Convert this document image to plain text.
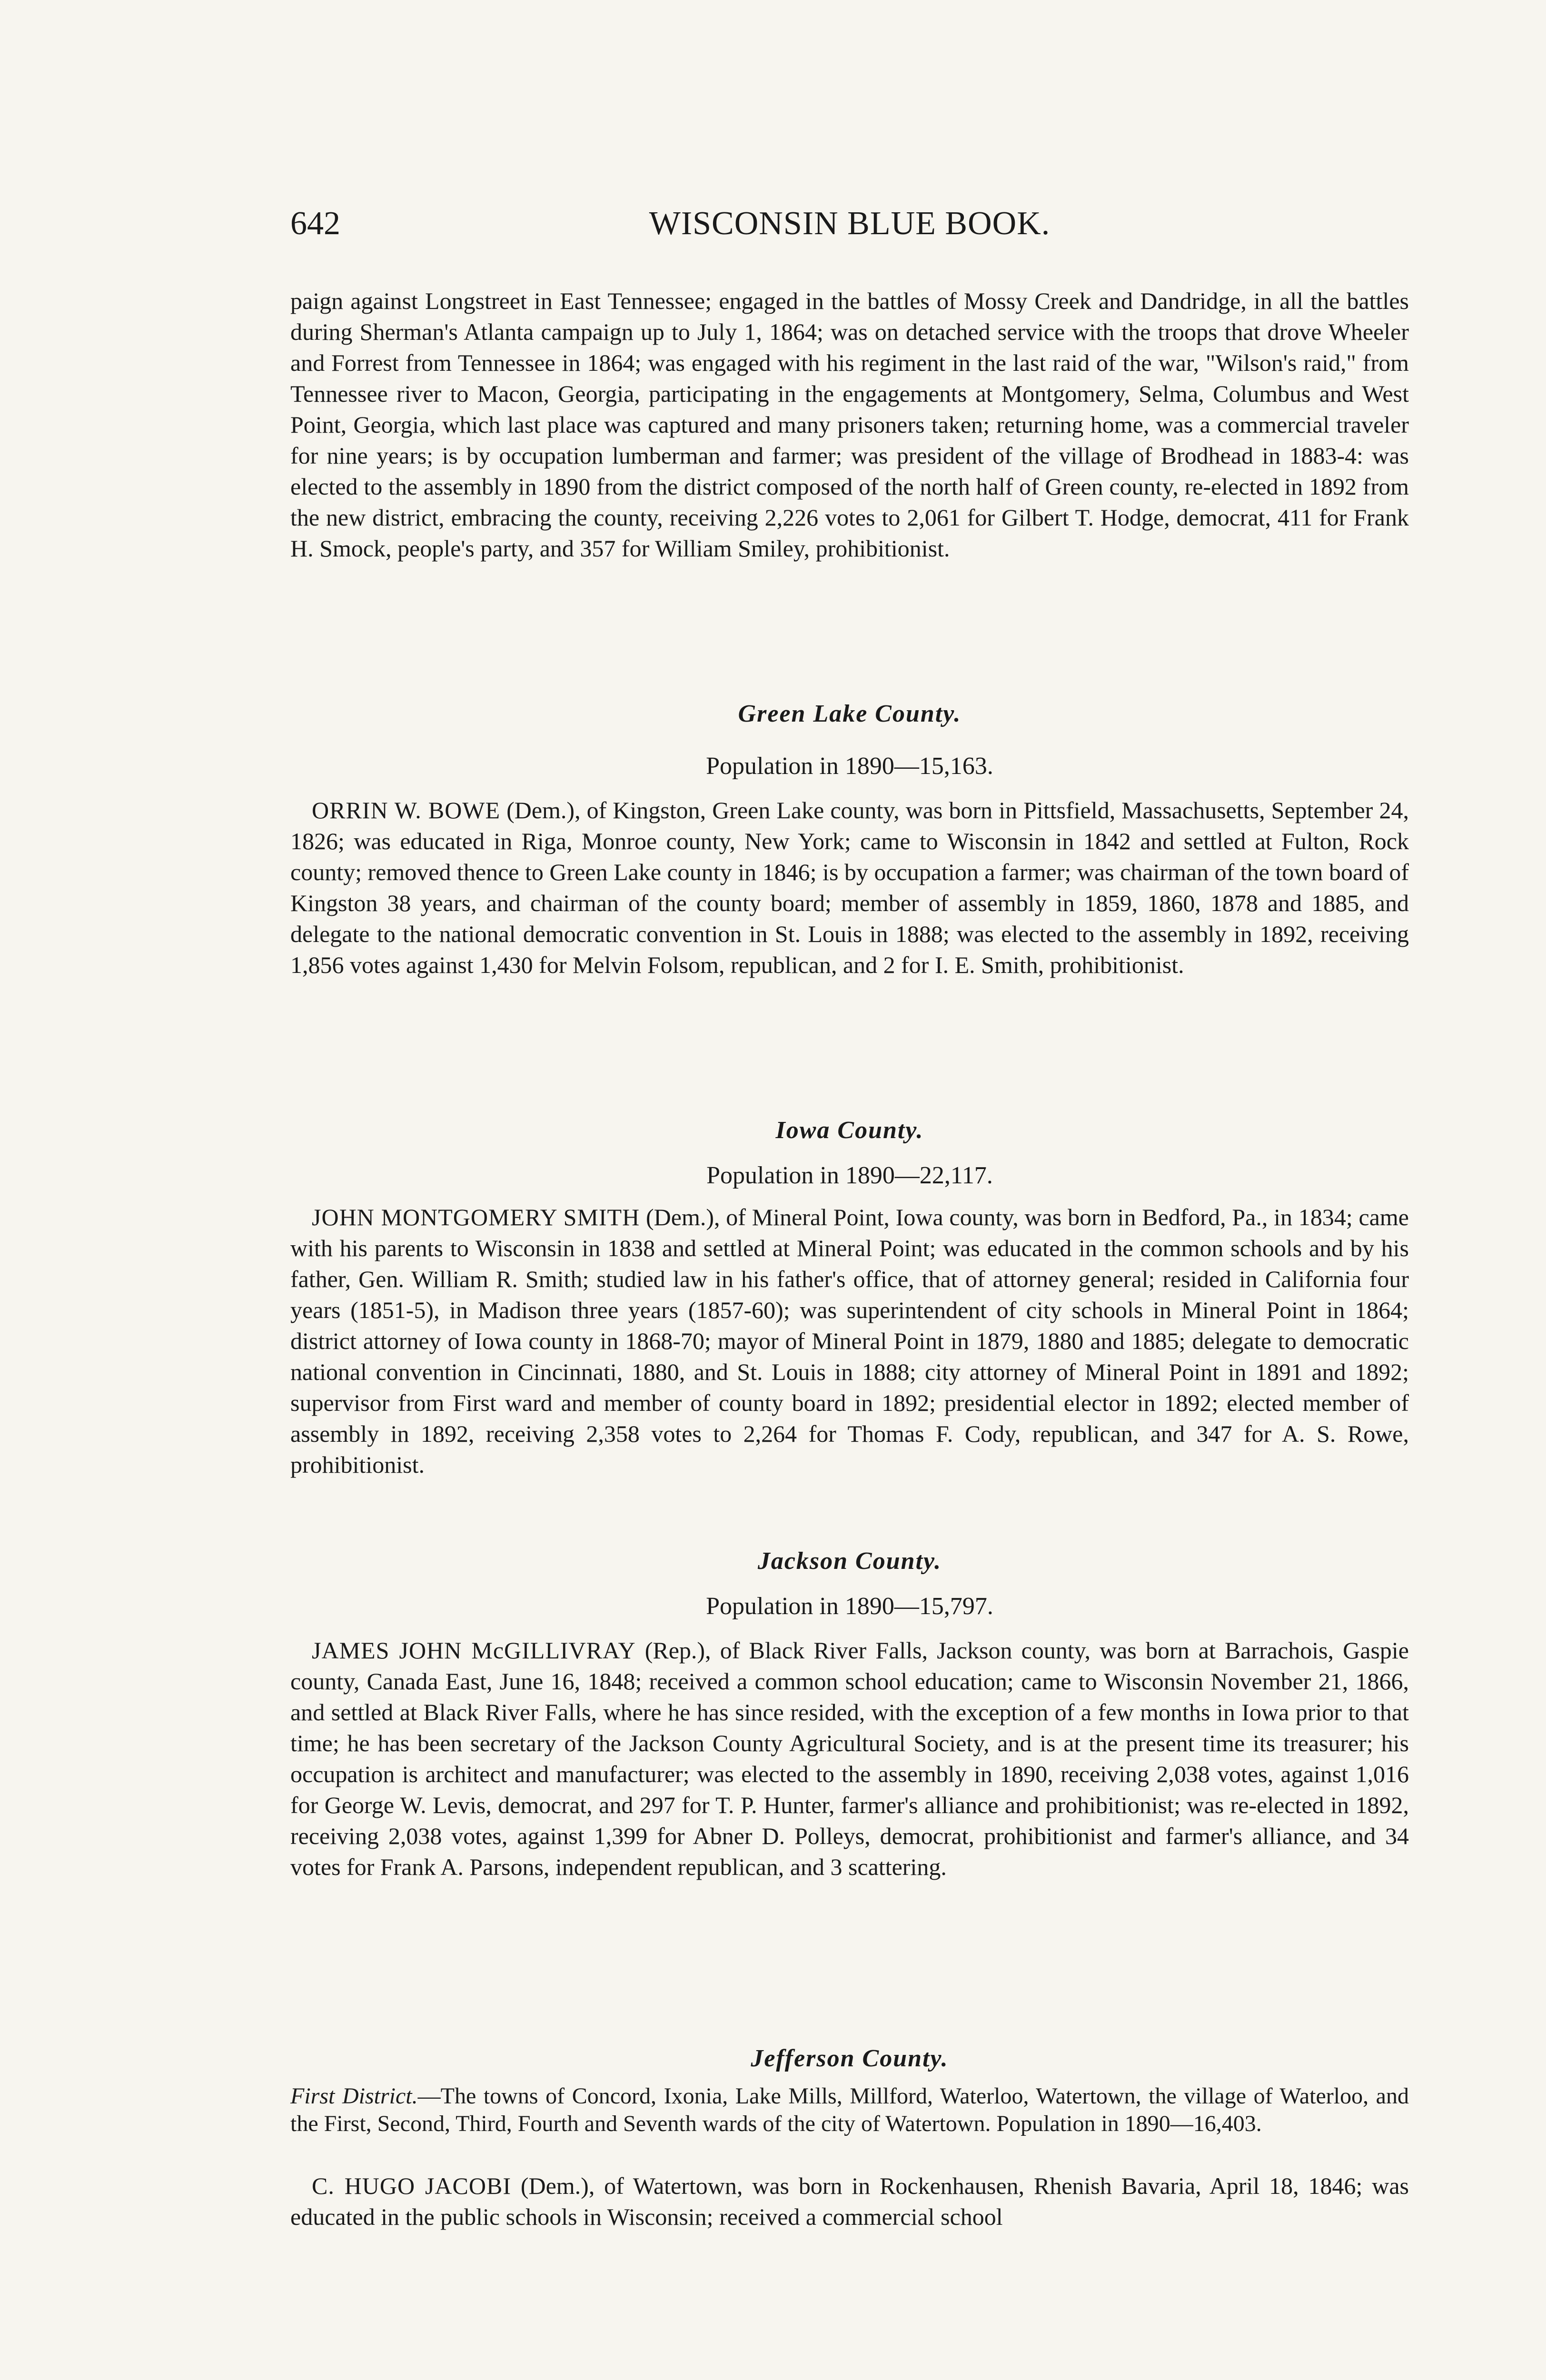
642	WISCONSIN BLUE BOOK.

paign against Longstreet in East Tennessee; engaged in the battles of Mossy Creek and Dandridge, in all the battles during Sherman's Atlanta campaign up to July 1, 1864; was on detached service with the troops that drove Wheeler and Forrest from Tennessee in 1864; was engaged with his regiment in the last raid of the war, "Wilson's raid," from Tennessee river to Macon, Georgia, participating in the engagements at Montgomery, Selma, Columbus and West Point, Georgia, which last place was captured and many prisoners taken; returning home, was a commercial traveler for nine years; is by occupation lumberman and farmer; was president of the village of Brodhead in 1883-4: was elected to the assembly in 1890 from the district composed of the north half of Green county, re-elected in 1892 from the new district, embracing the county, receiving 2,226 votes to 2,061 for Gilbert T. Hodge, democrat, 411 for Frank H. Smock, people's party, and 357 for William Smiley, prohibitionist.

Green Lake County.
Population in 1890—15,163.

ORRIN W. BOWE (Dem.), of Kingston, Green Lake county, was born in Pittsfield, Massachusetts, September 24, 1826; was educated in Riga, Monroe county, New York; came to Wisconsin in 1842 and settled at Fulton, Rock county; removed thence to Green Lake county in 1846; is by occupation a farmer; was chairman of the town board of Kingston 38 years, and chairman of the county board; member of assembly in 1859, 1860, 1878 and 1885, and delegate to the national democratic convention in St. Louis in 1888; was elected to the assembly in 1892, receiving 1,856 votes against 1,430 for Melvin Folsom, republican, and 2 for I. E. Smith, prohibitionist.

Iowa County.
Population in 1890—22,117.

JOHN MONTGOMERY SMITH (Dem.), of Mineral Point, Iowa county, was born in Bedford, Pa., in 1834; came with his parents to Wisconsin in 1838 and settled at Mineral Point; was educated in the common schools and by his father, Gen. William R. Smith; studied law in his father's office, that of attorney general; resided in California four years (1851-5), in Madison three years (1857-60); was superintendent of city schools in Mineral Point in 1864; district attorney of Iowa county in 1868-70; mayor of Mineral Point in 1879, 1880 and 1885; delegate to democratic national convention in Cincinnati, 1880, and St. Louis in 1888; city attorney of Mineral Point in 1891 and 1892; supervisor from First ward and member of county board in 1892; presidential elector in 1892; elected member of assembly in 1892, receiving 2,358 votes to 2,264 for Thomas F. Cody, republican, and 347 for A. S. Rowe, prohibitionist.

Jackson County.
Population in 1890—15,797.

JAMES JOHN McGILLIVRAY (Rep.), of Black River Falls, Jackson county, was born at Barrachois, Gaspie county, Canada East, June 16, 1848; received a common school education; came to Wisconsin November 21, 1866, and settled at Black River Falls, where he has since resided, with the exception of a few months in Iowa prior to that time; he has been secretary of the Jackson County Agricultural Society, and is at the present time its treasurer; his occupation is architect and manufacturer; was elected to the assembly in 1890, receiving 2,038 votes, against 1,016 for George W. Levis, democrat, and 297 for T. P. Hunter, farmer's alliance and prohibitionist; was re-elected in 1892, receiving 2,038 votes, against 1,399 for Abner D. Polleys, democrat, prohibitionist and farmer's alliance, and 34 votes for Frank A. Parsons, independent republican, and 3 scattering.

Jefferson County.

First District.—The towns of Concord, Ixonia, Lake Mills, Millford, Waterloo, Watertown, the village of Waterloo, and the First, Second, Third, Fourth and Seventh wards of the city of Watertown. Population in 1890—16,403.

C. HUGO JACOBI (Dem.), of Watertown, was born in Rockenhausen, Rhenish Bavaria, April 18, 1846; was educated in the public schools in Wisconsin; received a commercial school
